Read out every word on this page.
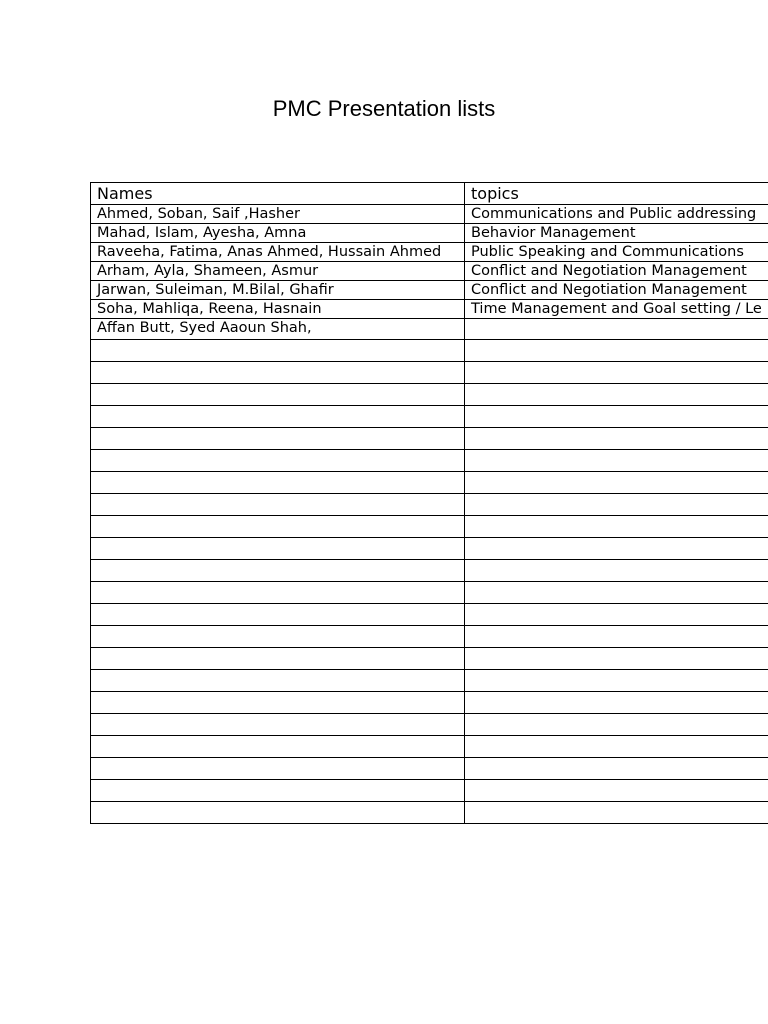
PMC Presentation lists
Names	topics
Ahmed, Soban, Saif ,Hasher	Communications and Public addressing
Mahad, Islam, Ayesha, Amna	Behavior Management
Raveeha, Fatima, Anas Ahmed, Hussain Ahmed	Public Speaking and Communications
Arham, Ayla, Shameen, Asmur	Conflict and Negotiation Management
Jarwan, Suleiman, M.Bilal, Ghafir	Conflict and Negotiation Management
Soha, Mahliqa, Reena, Hasnain	Time Management and Goal setting / Le
Affan Butt, Syed Aaoun Shah,	
